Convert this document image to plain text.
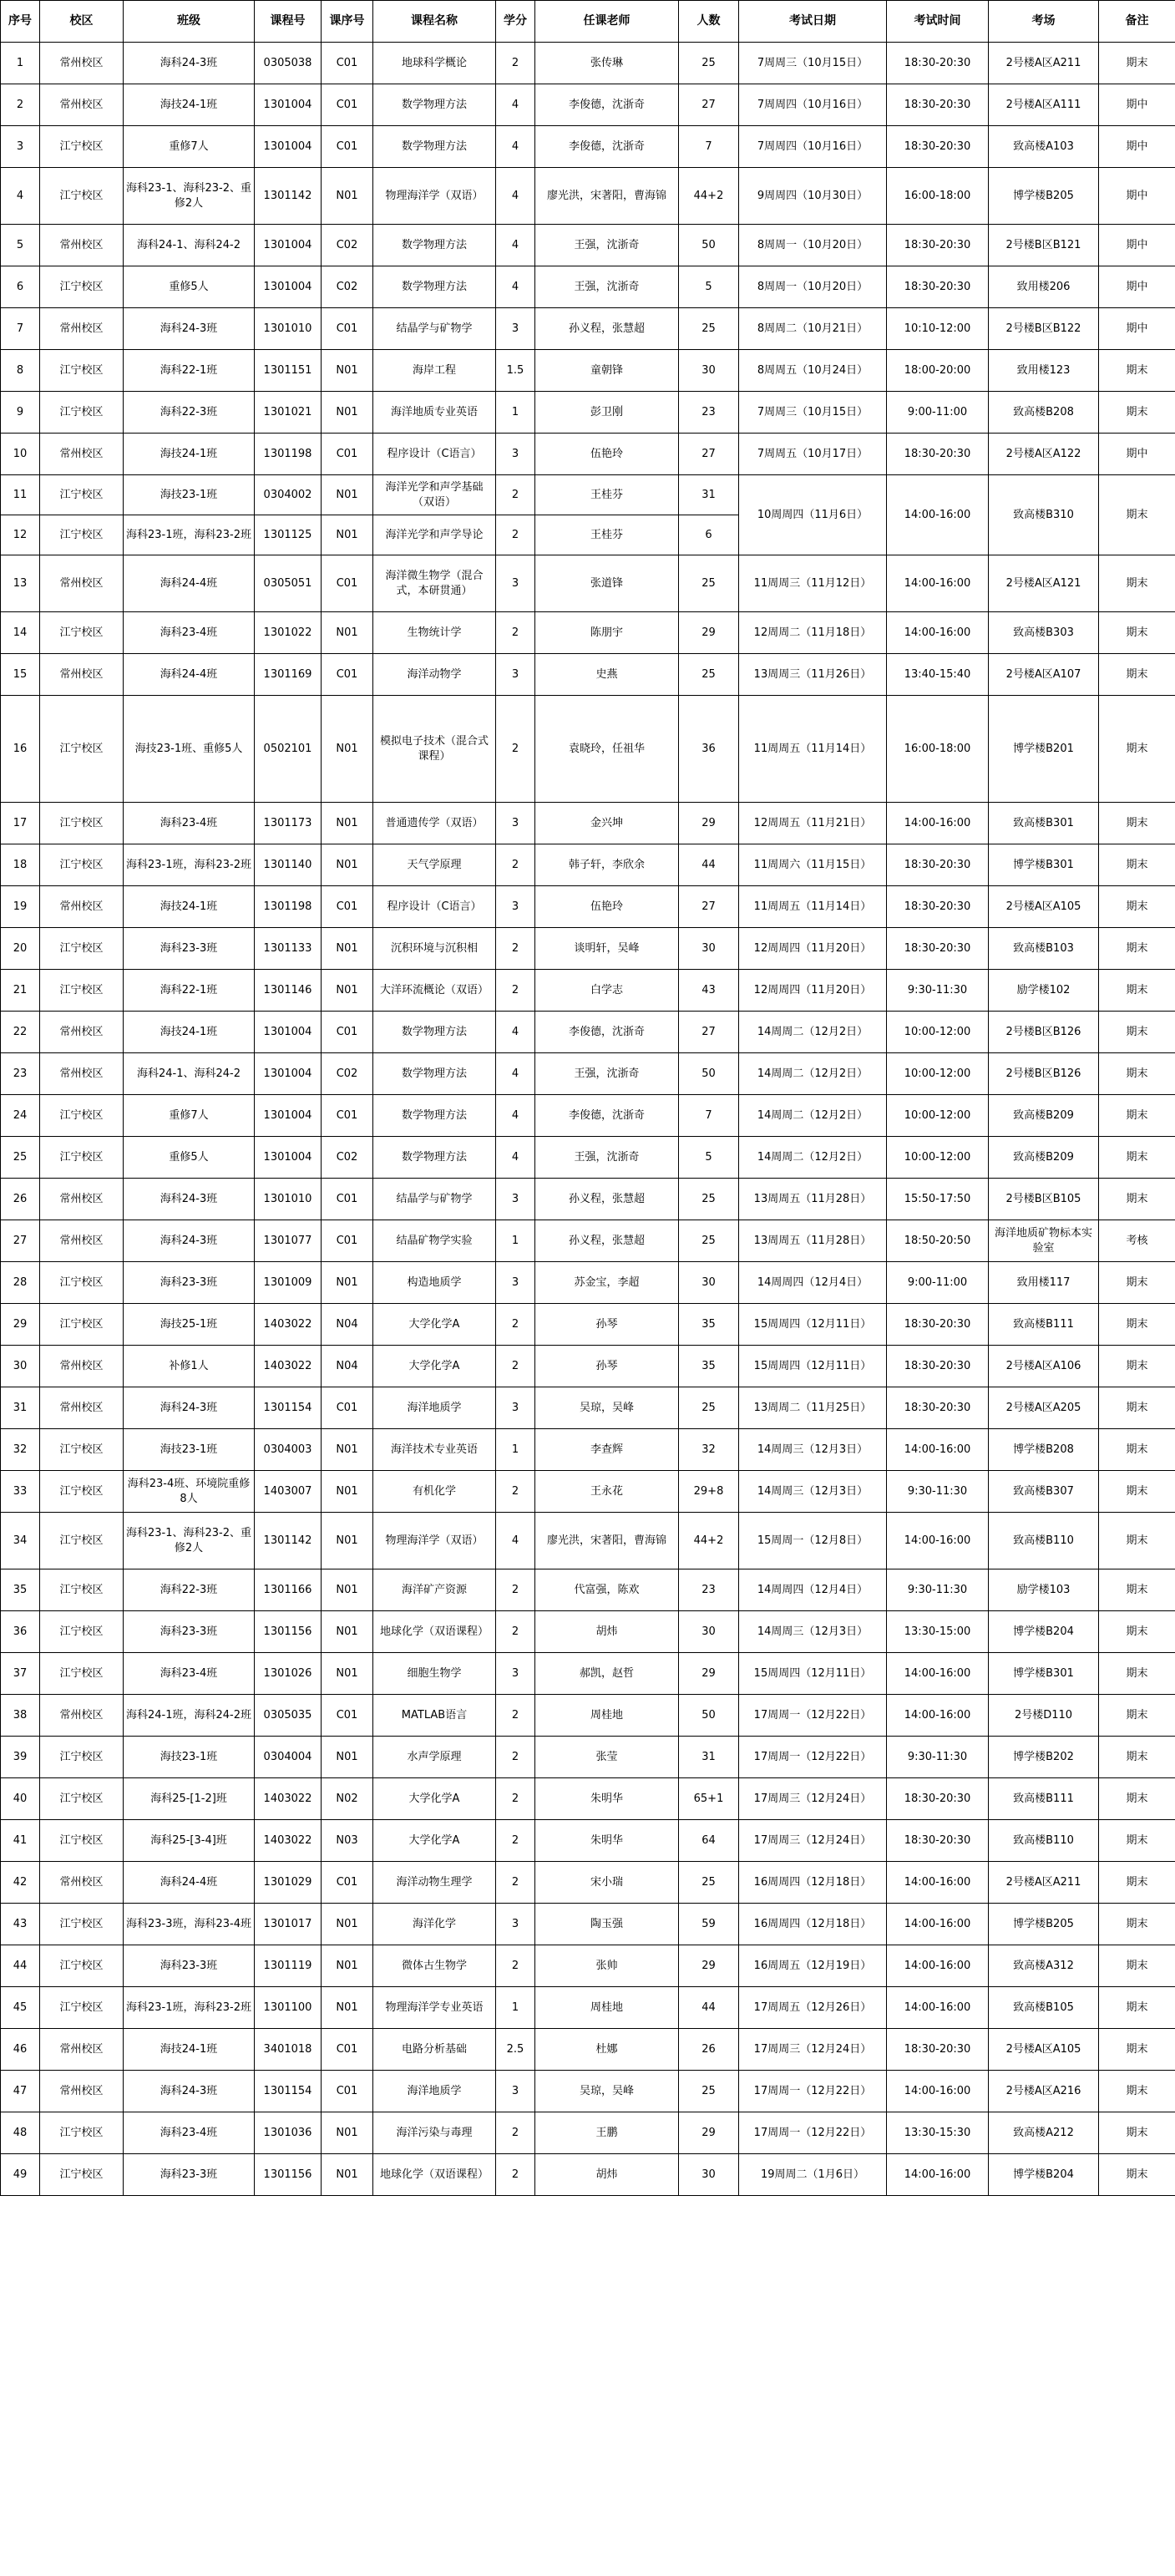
序号	校区	班级	课程号	课序号	课程名称	学分	任课老师	人数	考试日期	考试时间	考场	备注
1	常州校区	海科24-3班	0305038	C01	地球科学概论	2	张传琳	25	7周周三（10月15日）	18:30-20:30	2号楼A区A211	期末
2	常州校区	海技24-1班	1301004	C01	数学物理方法	4	李俊德，沈浙奇	27	7周周四（10月16日）	18:30-20:30	2号楼A区A111	期中
3	江宁校区	重修7人	1301004	C01	数学物理方法	4	李俊德，沈浙奇	7	7周周四（10月16日）	18:30-20:30	致高楼A103	期中
4	江宁校区	海科23-1、海科23-2、重修2人	1301142	N01	物理海洋学（双语）	4	廖光洪，宋著阳，曹海锦	44+2	9周周四（10月30日）	16:00-18:00	博学楼B205	期中
5	常州校区	海科24-1、海科24-2	1301004	C02	数学物理方法	4	王强，沈浙奇	50	8周周一（10月20日）	18:30-20:30	2号楼B区B121	期中
6	江宁校区	重修5人	1301004	C02	数学物理方法	4	王强，沈浙奇	5	8周周一（10月20日）	18:30-20:30	致用楼206	期中
7	常州校区	海科24-3班	1301010	C01	结晶学与矿物学	3	孙义程，张慧超	25	8周周二（10月21日）	10:10-12:00	2号楼B区B122	期中
8	江宁校区	海科22-1班	1301151	N01	海岸工程	1.5	童朝锋	30	8周周五（10月24日）	18:00-20:00	致用楼123	期末
9	江宁校区	海科22-3班	1301021	N01	海洋地质专业英语	1	彭卫刚	23	7周周三（10月15日）	9:00-11:00	致高楼B208	期末
10	常州校区	海技24-1班	1301198	C01	程序设计（C语言）	3	伍艳玲	27	7周周五（10月17日）	18:30-20:30	2号楼A区A122	期中
11	江宁校区	海技23-1班	0304002	N01	海洋光学和声学基础（双语）	2	王桂芬	31	10周周四（11月6日）	14:00-16:00	致高楼B310	期末
12	江宁校区	海科23-1班，海科23-2班	1301125	N01	海洋光学和声学导论	2	王桂芬	6				
13	常州校区	海科24-4班	0305051	C01	海洋微生物学（混合式，本研贯通）	3	张道锋	25	11周周三（11月12日）	14:00-16:00	2号楼A区A121	期末
14	江宁校区	海科23-4班	1301022	N01	生物统计学	2	陈朋宇	29	12周周二（11月18日）	14:00-16:00	致高楼B303	期末
15	常州校区	海科24-4班	1301169	C01	海洋动物学	3	史燕	25	13周周三（11月26日）	13:40-15:40	2号楼A区A107	期末
16	江宁校区	海技23-1班、重修5人	0502101	N01	模拟电子技术（混合式课程）	2	袁晓玲，任祖华	36	11周周五（11月14日）	16:00-18:00	博学楼B201	期末
17	江宁校区	海科23-4班	1301173	N01	普通遗传学（双语）	3	金兴坤	29	12周周五（11月21日）	14:00-16:00	致高楼B301	期末
18	江宁校区	海科23-1班，海科23-2班	1301140	N01	天气学原理	2	韩子轩，李欣余	44	11周周六（11月15日）	18:30-20:30	博学楼B301	期末
19	常州校区	海技24-1班	1301198	C01	程序设计（C语言）	3	伍艳玲	27	11周周五（11月14日）	18:30-20:30	2号楼A区A105	期末
20	江宁校区	海科23-3班	1301133	N01	沉积环境与沉积相	2	谈明轩，吴峰	30	12周周四（11月20日）	18:30-20:30	致高楼B103	期末
21	江宁校区	海科22-1班	1301146	N01	大洋环流概论（双语）	2	白学志	43	12周周四（11月20日）	9:30-11:30	励学楼102	期末
22	常州校区	海技24-1班	1301004	C01	数学物理方法	4	李俊德，沈浙奇	27	14周周二（12月2日）	10:00-12:00	2号楼B区B126	期末
23	常州校区	海科24-1、海科24-2	1301004	C02	数学物理方法	4	王强，沈浙奇	50	14周周二（12月2日）	10:00-12:00	2号楼B区B126	期末
24	江宁校区	重修7人	1301004	C01	数学物理方法	4	李俊德，沈浙奇	7	14周周二（12月2日）	10:00-12:00	致高楼B209	期末
25	江宁校区	重修5人	1301004	C02	数学物理方法	4	王强，沈浙奇	5	14周周二（12月2日）	10:00-12:00	致高楼B209	期末
26	常州校区	海科24-3班	1301010	C01	结晶学与矿物学	3	孙义程，张慧超	25	13周周五（11月28日）	15:50-17:50	2号楼B区B105	期末
27	常州校区	海科24-3班	1301077	C01	结晶矿物学实验	1	孙义程，张慧超	25	13周周五（11月28日）	18:50-20:50	海洋地质矿物标本实验室	考核
28	江宁校区	海科23-3班	1301009	N01	构造地质学	3	苏金宝，李超	30	14周周四（12月4日）	9:00-11:00	致用楼117	期末
29	江宁校区	海技25-1班	1403022	N04	大学化学A	2	孙琴	35	15周周四（12月11日）	18:30-20:30	致高楼B111	期末
30	常州校区	补修1人	1403022	N04	大学化学A	2	孙琴	35	15周周四（12月11日）	18:30-20:30	2号楼A区A106	期末
31	常州校区	海科24-3班	1301154	C01	海洋地质学	3	吴琼，吴峰	25	13周周二（11月25日）	18:30-20:30	2号楼A区A205	期末
32	江宁校区	海技23-1班	0304003	N01	海洋技术专业英语	1	李查辉	32	14周周三（12月3日）	14:00-16:00	博学楼B208	期末
33	江宁校区	海科23-4班、环境院重修8人	1403007	N01	有机化学	2	王永花	29+8	14周周三（12月3日）	9:30-11:30	致高楼B307	期末
34	江宁校区	海科23-1、海科23-2、重修2人	1301142	N01	物理海洋学（双语）	4	廖光洪，宋著阳，曹海锦	44+2	15周周一（12月8日）	14:00-16:00	致高楼B110	期末
35	江宁校区	海科22-3班	1301166	N01	海洋矿产资源	2	代富强，陈欢	23	14周周四（12月4日）	9:30-11:30	励学楼103	期末
36	江宁校区	海科23-3班	1301156	N01	地球化学（双语课程）	2	胡炜	30	14周周三（12月3日）	13:30-15:00	博学楼B204	期末
37	江宁校区	海科23-4班	1301026	N01	细胞生物学	3	郝凯，赵哲	29	15周周四（12月11日）	14:00-16:00	博学楼B301	期末
38	常州校区	海科24-1班，海科24-2班	0305035	C01	MATLAB语言	2	周桂地	50	17周周一（12月22日）	14:00-16:00	2号楼D110	期末
39	江宁校区	海技23-1班	0304004	N01	水声学原理	2	张莹	31	17周周一（12月22日）	9:30-11:30	博学楼B202	期末
40	江宁校区	海科25-[1-2]班	1403022	N02	大学化学A	2	朱明华	65+1	17周周三（12月24日）	18:30-20:30	致高楼B111	期末
41	江宁校区	海科25-[3-4]班	1403022	N03	大学化学A	2	朱明华	64	17周周三（12月24日）	18:30-20:30	致高楼B110	期末
42	常州校区	海科24-4班	1301029	C01	海洋动物生理学	2	宋小瑞	25	16周周四（12月18日）	14:00-16:00	2号楼A区A211	期末
43	江宁校区	海科23-3班，海科23-4班	1301017	N01	海洋化学	3	陶玉强	59	16周周四（12月18日）	14:00-16:00	博学楼B205	期末
44	江宁校区	海科23-3班	1301119	N01	微体古生物学	2	张帅	29	16周周五（12月19日）	14:00-16:00	致高楼A312	期末
45	江宁校区	海科23-1班，海科23-2班	1301100	N01	物理海洋学专业英语	1	周桂地	44	17周周五（12月26日）	14:00-16:00	致高楼B105	期末
46	常州校区	海技24-1班	3401018	C01	电路分析基础	2.5	杜娜	26	17周周三（12月24日）	18:30-20:30	2号楼A区A105	期末
47	常州校区	海科24-3班	1301154	C01	海洋地质学	3	吴琼，吴峰	25	17周周一（12月22日）	14:00-16:00	2号楼A区A216	期末
48	江宁校区	海科23-4班	1301036	N01	海洋污染与毒理	2	王鹏	29	17周周一（12月22日）	13:30-15:30	致高楼A212	期末
49	江宁校区	海科23-3班	1301156	N01	地球化学（双语课程）	2	胡炜	30	19周周二（1月6日）	14:00-16:00	博学楼B204	期末
